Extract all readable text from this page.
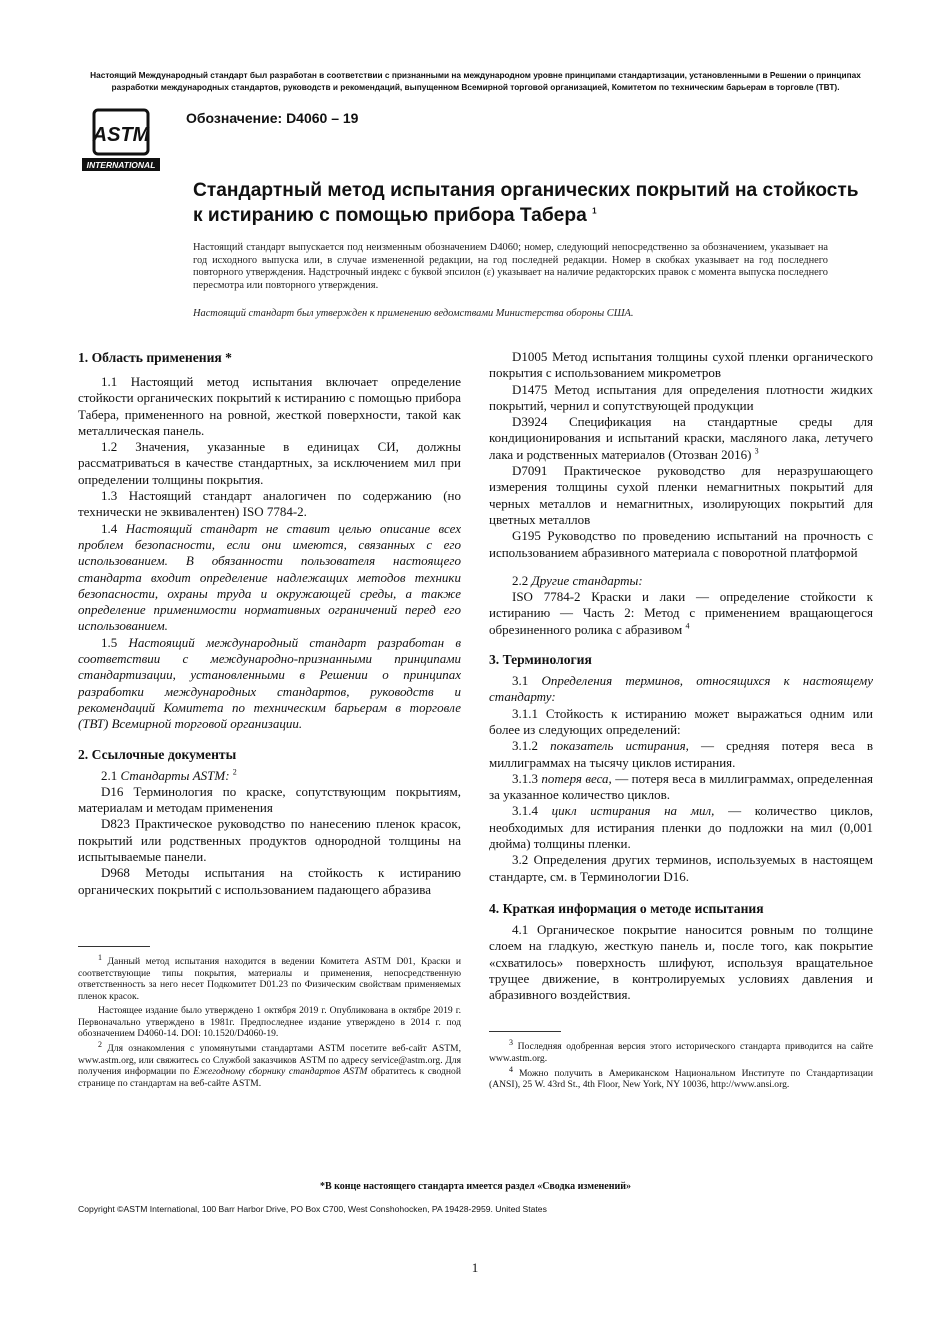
Настоящий Международный стандарт был разработан в соответствии с признанными на международном уровне принципами стандартизации, установленными в Решении о принципах разработки международных стандартов, руководств и рекомендаций, выпущенном Всемирной торговой организацией, Комитетом по техническим барьерам в торговле (ТВТ).
ASTM
INTERNATIONAL
Обозначение: D4060 – 19
Стандартный метод испытания органических покрытий на стойкость к истиранию с помощью прибора Табера $^1$
Настоящий стандарт выпускается под неизменным обозначением D4060; номер, следующий непосредственно за обозначением, указывает на год исходного выпуска или, в случае измененной редакции, на год последней редакции. Номер в скобках указывает на год последнего повторного утверждения. Надстрочный индекс с буквой эпсилон (ε) указывает на наличие редакторских правок с момента выпуска последнего пересмотра или повторного утверждения.
Настоящий стандарт был утвержден к применению ведомствами Министерства обороны США.
1. Область применения *

1.1 Настоящий метод испытания включает определение стойкости органических покрытий к истиранию с помощью прибора Табера, примененного на ровной, жесткой поверхности, такой как металлическая панель.

1.2 Значения, указанные в единицах СИ, должны рассматриваться в качестве стандартных, за исключением мил при определении толщины покрытия.

1.3 Настоящий стандарт аналогичен по содержанию (но технически не эквивалентен) ISO 7784-2.

1.4 Настоящий стандарт не ставит целью описание всех проблем безопасности, если они имеются, связанных с его использованием. В обязанности пользователя настоящего стандарта входит определение надлежащих методов техники безопасности, охраны труда и окружающей среды, а также определение применимости нормативных ограничений перед его использованием.

1.5 Настоящий международный стандарт разработан в соответствии с международно-признанными принципами стандартизации, установленными в Решении о принципах разработки международных стандартов, руководств и рекомендаций Комитета по техническим барьерам в торговле (ТВТ) Всемирной торговой организации.

2. Ссылочные документы

2.1 Стандарты ASTM: $^2$

D16 Терминология по краске, сопутствующим покрытиям, материалам и методам применения

D823 Практическое руководство по нанесению пленок красок, покрытий или родственных продуктов однородной толщины на испытываемые панели.

D968 Методы испытания на стойкость к истиранию органических покрытий с использованием падающего абразива

$^1$ Данный метод испытания находится в ведении Комитета ASTM D01, Краски и соответствующие типы покрытия, материалы и применения, непосредственную ответственность за него несет Подкомитет D01.23 по Физическим свойствам применяемых пленок красок.

Настоящее издание было утверждено 1 октября 2019 г. Опубликована в октябре 2019 г. Первоначально утверждено в 1981г. Предпоследнее издание утверждено в 2014 г. под обозначением D4060-14. DOI: 10.1520/D4060-19.

$^2$ Для ознакомления с упомянутыми стандартами ASTM посетите веб-сайт ASTM, www.astm.org, или свяжитесь со Службой заказчиков ASTM по адресу service@astm.org. Для получения информации по Ежегодному сборнику стандартов ASTM обратитесь к сводной странице по стандартам на веб-сайте ASTM.

D1005 Метод испытания толщины сухой пленки органического покрытия с использованием микрометров

D1475 Метод испытания для определения плотности жидких покрытий, чернил и сопутствующей продукции

D3924 Спецификация на стандартные среды для кондиционирования и испытаний краски, масляного лака, летучего лака и родственных материалов (Отозван 2016) $^3$

D7091 Практическое руководство для неразрушающего измерения толщины сухой пленки немагнитных покрытий для черных металлов и немагнитных, изолирующих покрытий для цветных металлов

G195 Руководство по проведению испытаний на прочность с использованием абразивного материала с поворотной платформой

2.2 Другие стандарты:

ISO 7784-2 Краски и лаки — определение стойкости к истиранию — Часть 2: Метод с применением вращающегося обрезиненного ролика с абразивом $^4$

3. Терминология

3.1 Определения терминов, относящихся к настоящему стандарту:

3.1.1 Стойкость к истиранию может выражаться одним или более из следующих определений:

3.1.2 показатель истирания, — средняя потеря веса в миллиграммах на тысячу циклов истирания.

3.1.3 потеря веса, — потеря веса в миллиграммах, определенная за указанное количество циклов.

3.1.4 цикл истирания на мил, — количество циклов, необходимых для истирания пленки до подложки на мил (0,001 дюйма) толщины пленки.

3.2 Определения других терминов, используемых в настоящем стандарте, см. в Терминологии D16.

4. Краткая информация о методе испытания

4.1 Органическое покрытие наносится ровным по толщине слоем на гладкую, жесткую панель и, после того, как покрытие «схватилось» поверхность шлифуют, используя вращательное трущее движение, в контролируемых условиях давления и абразивного воздействия.

$^3$ Последняя одобренная версия этого исторического стандарта приводится на сайте www.astm.org.

$^4$ Можно получить в Американском Национальном Институте по Стандартизации (ANSI), 25 W. 43rd St., 4th Floor, New York, NY 10036, http://www.ansi.org.

*В конце настоящего стандарта имеется раздел «Сводка изменений»
Copyright ©ASTM International, 100 Barr Harbor Drive, PO Box C700, West Conshohocken, PA 19428-2959. United States
1
